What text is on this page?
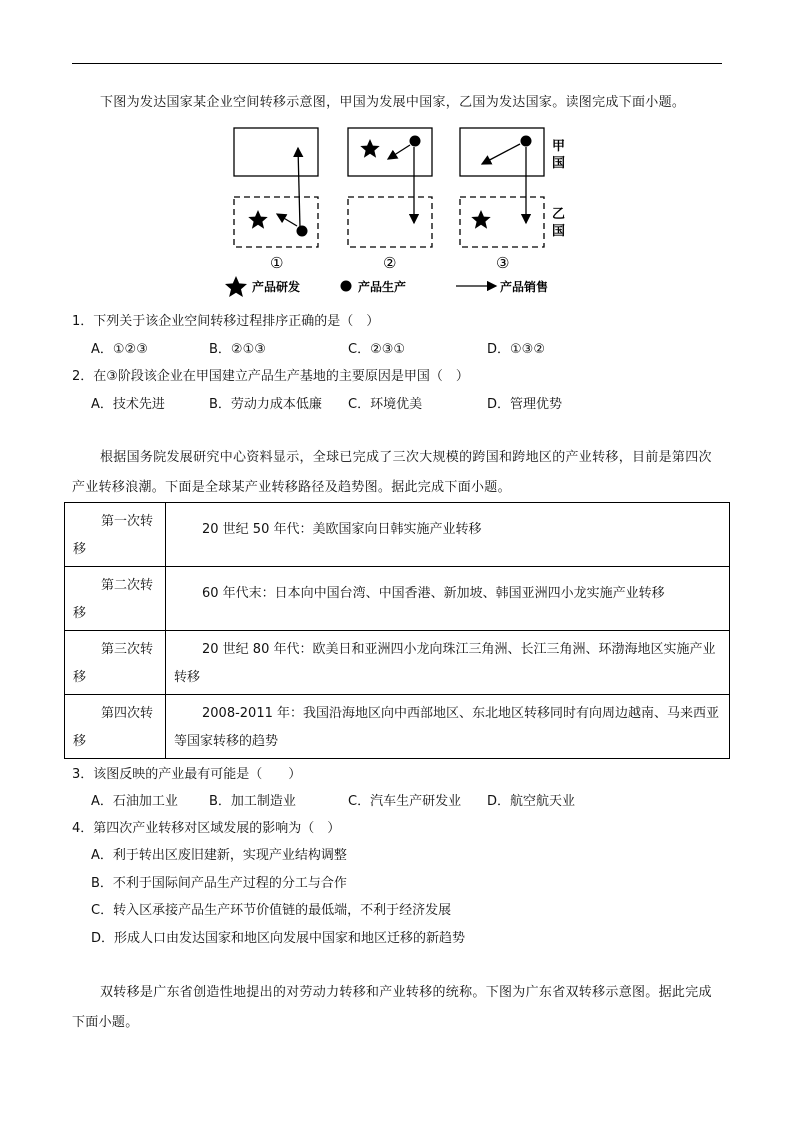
下图为发达国家某企业空间转移示意图，甲国为发展中国家，乙国为发达国家。读图完成下面小题。
甲
国
乙
国
①	②	③
产品研发	产品生产	产品销售
1．下列关于该企业空间转移过程排序正确的是（　）
A．①②③	B．②①③	C．②③①	D．①③②
2．在③阶段该企业在甲国建立产品生产基地的主要原因是甲国（　）
A．技术先进	B．劳动力成本低廉 C．环境优美	D．管理优势
根据国务院发展研究中心资料显示，全球已完成了三次大规模的跨国和跨地区的产业转移，目前是第四次产业转移浪潮。下面是全球某产业转移路径及趋势图。据此完成下面小题。
第一次转移	20 世纪 50 年代：美欧国家向日韩实施产业转移

第二次转移	60 年代末：日本向中国台湾、中国香港、新加坡、韩国亚洲四小龙实施产业转移

第三次转移	20 世纪 80 年代：欧美日和亚洲四小龙向珠江三角洲、长江三角洲、环渤海地区实施产业转移

第四次转移	2008-2011 年：我国沿海地区向中西部地区、东北地区转移同时有向周边越南、马来西亚等国家转移的趋势
3．该图反映的产业最有可能是（　　）
A．石油加工业 B．加工制造业	C．汽车生产研发业 D．航空航天业
4．第四次产业转移对区域发展的影响为（　）
A．利于转出区废旧建新，实现产业结构调整
B．不利于国际间产品生产过程的分工与合作
C．转入区承接产品生产环节价值链的最低端，不利于经济发展
D．形成人口由发达国家和地区向发展中国家和地区迁移的新趋势
双转移是广东省创造性地提出的对劳动力转移和产业转移的统称。下图为广东省双转移示意图。据此完成下面小题。
